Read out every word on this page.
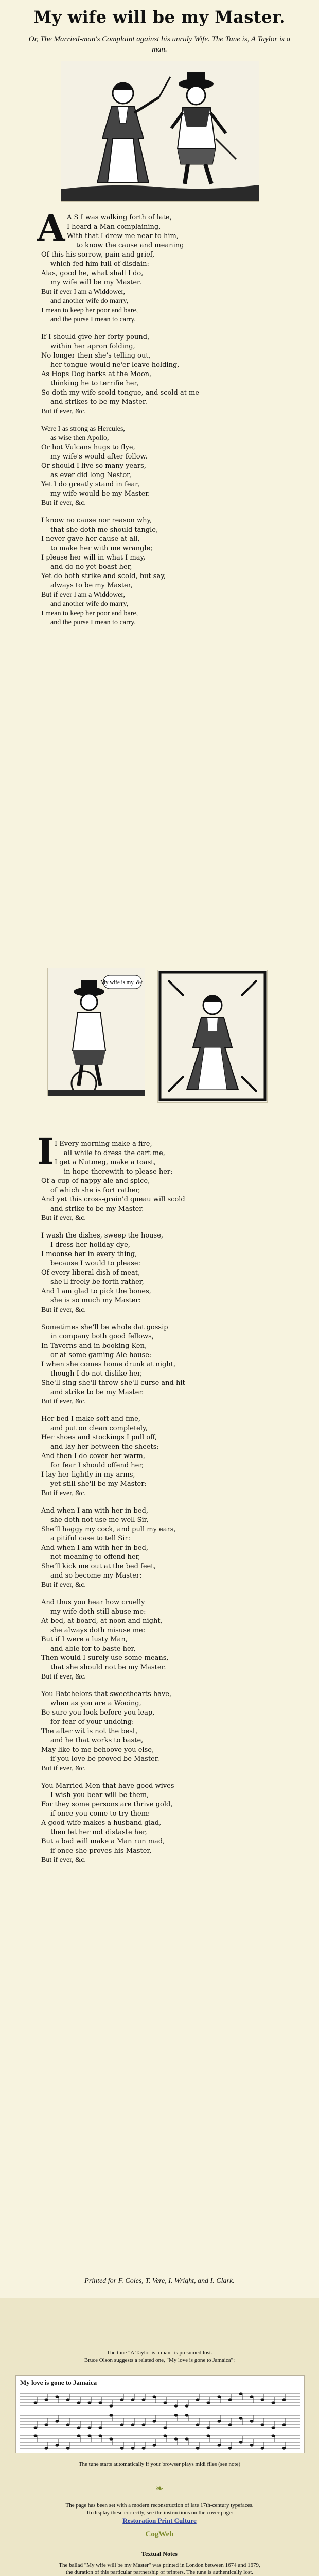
My wife will be my Master.
Or, The Married-man's Complaint against his unruly Wife. The Tune is, A Taylor is a man.
A A S I was walking forth of late,
I heard a Man complaining,
With that I drew me near to him,
to know the cause and meaning
Of this his sorrow, pain and grief,
which fed him full of disdain:
Alas, good he, what shall I do,
my wife will be my Master.
But if ever I am a Widdower,
and another wife do marry,
I mean to keep her poor and bare,
and the purse I mean to carry.
If I should give her forty pound,
within her apron folding,
No longer then she's telling out,
her tongue would ne'er leave holding,
As Hops Dog barks at the Moon,
thinking he to terrifie her,
So doth my wife scold tongue, and scold at me
and strikes to be my Master.
But if ever, &c.
Were I as strong as Hercules,
as wise then Apollo,
Or hot Vulcans hugs to flye,
my wife's would after follow.
Or should I live so many years,
as ever did long Nestor,
Yet I do greatly stand in fear,
my wife would be my Master.
But if ever, &c.
I know no cause nor reason why,
that she doth me should tangle,
I never gave her cause at all,
to make her with me wrangle;
I please her will in what I may,
and do no yet boast her,
Yet do both strike and scold, but say,
always to be my Master,
But if ever I am a Widdower,
and another wife do marry,
I mean to keep her poor and bare,
and the purse I mean to carry.
My wife is my, &c.
I I Every morning make a fire,
all while to dress the cart me,
I get a Nutmeg, make a toast,
in hope therewith to please her:
Of a cup of nappy ale and spice,
of which she is fort rather,
And yet this cross-grain'd queau will scold
and strike to be my Master.
But if ever, &c.
I wash the dishes, sweep the house,
I dress her holiday dye,
I moonse her in every thing,
because I would to please:
Of every liberal dish of meat,
she'll freely be forth rather,
And I am glad to pick the bones,
she is so much my Master:
But if ever, &c.
Sometimes she'll be whole dat gossip
in company both good fellows,
In Taverns and in booking Ken,
or at some gaming Ale-house:
I when she comes home drunk at night,
though I do not dislike her,
She'll sing she'll throw she'll curse and hit
and strike to be my Master.
But if ever, &c.
Her bed I make soft and fine,
and put on clean completely,
Her shoes and stockings I pull off,
and lay her between the sheets:
And then I do cover her warm,
for fear I should offend her,
I lay her lightly in my arms,
yet still she'll be my Master:
But if ever, &c.
And when I am with her in bed,
she doth not use me well Sir,
She'll haggy my cock, and pull my ears,
a pitiful case to tell Sir:
And when I am with her in bed,
not meaning to offend her,
She'll kick me out at the bed feet,
and so become my Master:
But if ever, &c.
And thus you hear how cruelly
my wife doth still abuse me:
At bed, at board, at noon and night,
she always doth misuse me:
But if I were a lusty Man,
and able for to baste her,
Then would I surely use some means,
that she should not be my Master.
But if ever, &c.
You Batchelors that sweethearts have,
when as you are a Wooing,
Be sure you look before you leap,
for fear of your undoing:
The after wit is not the best,
and he that works to baste,
May like to me behoove you else,
if you love be proved be Master.
But if ever, &c.
You Married Men that have good wives
I wish you bear will be them,
For they some persons are thrive gold,
if once you come to try them:
A good wife makes a husband glad,
then let her not distaste her,
But a bad will make a Man run mad,
if once she proves his Master,
But if ever, &c.
Printed for F. Coles, T. Vere, I. Wright, and I. Clark.
The tune "A Taylor is a man" is presumed lost.
Bruce Olson suggests a related one, "My love is gone to Jamaica":
My love is gone to Jamaica
The tune starts automatically if your browser plays midi files (see note)
❧
The page has been set with a modern reconstruction of late 17th-century typefaces.
To display these correctly, see the instructions on the cover page:
Restoration Print Culture
CogWeb
Textual Notes
The ballad "My wife will be my Master" was printed in London between 1674 and 1679,
the duration of this particular partnership of printers. The tune is authentically lost.
